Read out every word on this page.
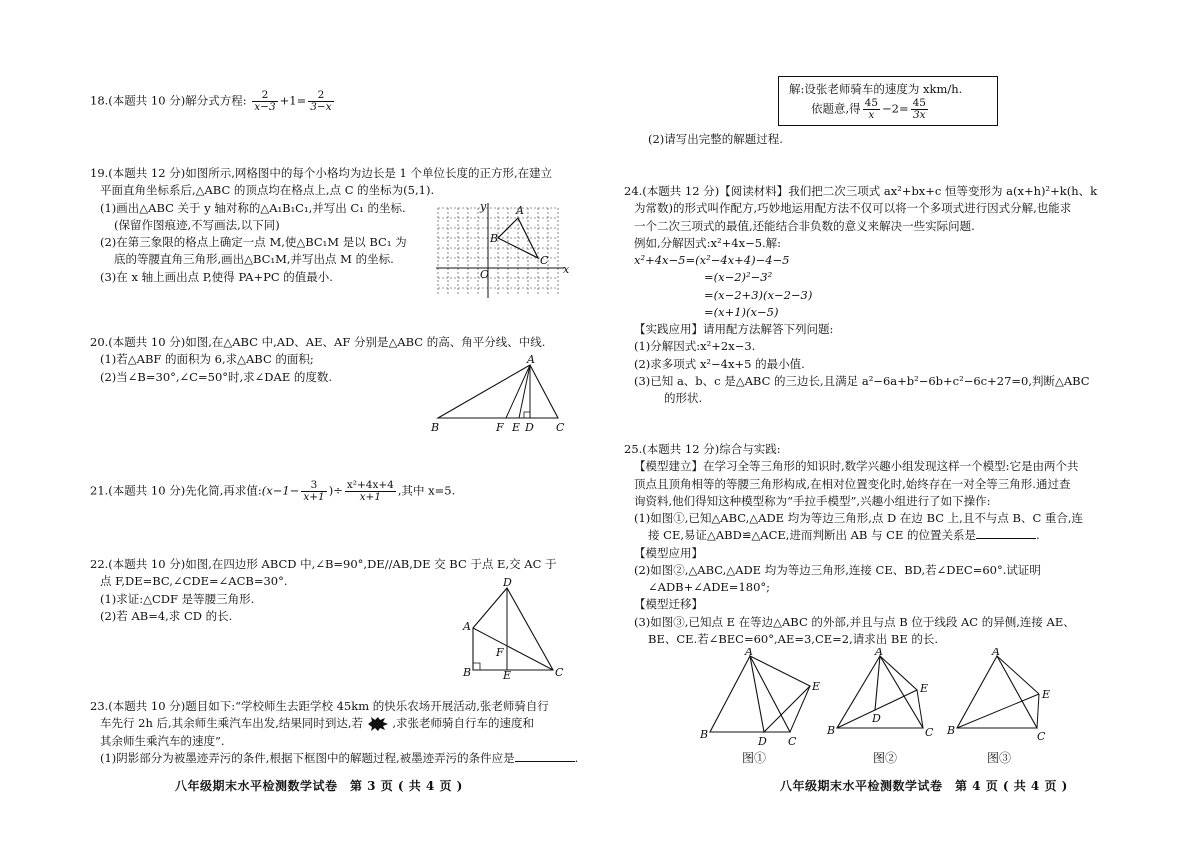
18.(本题共 10 分)解分式方程: $\frac{2}{x-3} +1= \frac{2}{3-x}$
19.(本题共 12 分)如图所示,网格图中的每个小格均为边长是 1 个单位长度的正方形,在建立
平面直角坐标系后,△ABC 的顶点均在格点上,点 C 的坐标为(5,1).
(1)画出△ABC 关于 y 轴对称的△A₁B₁C₁,并写出 C₁ 的坐标.
(保留作图痕迹,不写画法,以下同)
(2)在第三象限的格点上确定一点 M,使△BC₁M 是以 BC₁ 为
底的等腰直角三角形,画出△BC₁M,并写出点 M 的坐标.
(3)在 x 轴上画出点 P,使得 PA+PC 的值最小.
y
x
O
A
B
C
20.(本题共 10 分)如图,在△ABC 中,AD、AE、AF 分别是△ABC 的高、角平分线、中线.
(1)若△ABF 的面积为 6,求△ABC 的面积;
(2)当∠B=30°,∠C=50°时,求∠DAE 的度数.
A
B	F E D C
21.(本题共 10 分)先化简,再求值:(x−1− $\frac{3}{x+1}$ )÷ $\frac{\text{x²+4x+4}}{x+1}$ ,其中 x=5.
22.(本题共 10 分)如图,在四边形 ABCD 中,∠B=90°,DE//AB,DE 交 BC 于点 E,交 AC 于
点 F,DE=BC,∠CDE=∠ACB=30°.
(1)求证:△CDF 是等腰三角形.
(2)若 AB=4,求 CD 的长.
D
A
F
B	E	C
23.(本题共 10 分)题目如下:“学校师生去距学校 45km 的快乐农场开展活动,张老师骑自行
车先行 2h 后,其余师生乘汽车出发,结果同时到达,若	,求张老师骑自行车的速度和
其余师生乘汽车的速度”.
(1)阴影部分为被墨迹弄污的条件,根据下框图中的解题过程,被墨迹弄污的条件应是	.
八年级期末水平检测数学试卷　第 3 页 ( 共 4 页 )
解:设张老师骑车的速度为 xkm/h.
依题意,得 $\frac{45}{x} -2= \frac{45}{3x}$
(2)请写出完整的解题过程.
24.(本题共 12 分)【阅读材料】我们把二次三项式 ax²+bx+c 恒等变形为 a(x+h)²+k(h、k
为常数)的形式叫作配方,巧妙地运用配方法不仅可以将一个多项式进行因式分解,也能求
一个二次三项式的最值,还能结合非负数的意义来解决一些实际问题.
例如,分解因式:x²+4x−5.解:
x²+4x−5=(x²−4x+4)−4−5
=(x−2)²−3²
=(x−2+3)(x−2−3)
=(x+1)(x−5)
【实践应用】请用配方法解答下列问题:
(1)分解因式:x²+2x−3.
(2)求多项式 x²−4x+5 的最小值.
(3)已知 a、b、c 是△ABC 的三边长,且满足 a²−6a+b²−6b+c²−6c+27=0,判断△ABC
的形状.
25.(本题共 12 分)综合与实践:
【模型建立】在学习全等三角形的知识时,数学兴趣小组发现这样一个模型:它是由两个共
顶点且顶角相等的等腰三角形构成,在相对位置变化时,始终存在一对全等三角形.通过查
询资料,他们得知这种模型称为“手拉手模型”,兴趣小组进行了如下操作:
(1)如图①,已知△ABC,△ADE 均为等边三角形,点 D 在边 BC 上,且不与点 B、C 重合,连
接 CE,易证△ABD≌△ACE,进而判断出 AB 与 CE 的位置关系是	.
【模型应用】
(2)如图②,△ABC,△ADE 均为等边三角形,连接 CE、BD,若∠DEC=60°.试证明
∠ADB+∠ADE=180°;
【模型迁移】
(3)如图③,已知点 E 在等边△ABC 的外部,并且与点 B 位于线段 AC 的异侧,连接 AE、
BE、CE.若∠BEC=60°,AE=3,CE=2,请求出 BE 的长.
A
B
D C
E
图①
A
B
D
C
E
图②
A
B	C
E
图③
八年级期末水平检测数学试卷　第 4 页 ( 共 4 页 )
